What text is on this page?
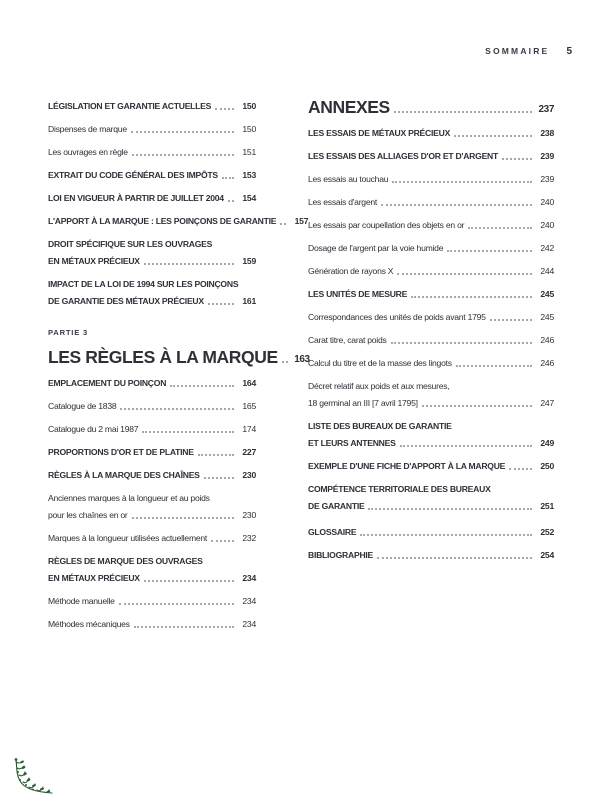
SOMMAIRE 5
LÉGISLATION ET GARANTIE ACTUELLES	150
Dispenses de marque	150
Les ouvrages en règle	151
EXTRAIT DU CODE GÉNÉRAL DES IMPÔTS	153
LOI EN VIGUEUR À PARTIR DE JUILLET 2004	154
L'APPORT À LA MARQUE : LES POINÇONS DE GARANTIE	157
DROIT SPÉCIFIQUE SUR LES OUVRAGES
EN MÉTAUX PRÉCIEUX	159
IMPACT DE LA LOI DE 1994 SUR LES POINÇONS
DE GARANTIE DES MÉTAUX PRÉCIEUX	161
PARTIE 3
LES RÈGLES À LA MARQUE 163
EMPLACEMENT DU POINÇON	164
Catalogue de 1838	165
Catalogue du 2 mai 1987	174
PROPORTIONS D'OR ET DE PLATINE	227
RÈGLES À LA MARQUE DES CHAÎNES	230
Anciennes marques à la longueur et au poids
pour les chaînes en or	230
Marques à la longueur utilisées actuellement	232
RÈGLES DE MARQUE DES OUVRAGES
EN MÉTAUX PRÉCIEUX	234
Méthode manuelle	234
Méthodes mécaniques	234
ANNEXES	237
LES ESSAIS DE MÉTAUX PRÉCIEUX	238
LES ESSAIS DES ALLIAGES D'OR ET D'ARGENT	239
Les essais au touchau	239
Les essais d'argent	240
Les essais par coupellation des objets en or	240
Dosage de l'argent par la voie humide	242
Génération de rayons X	244
LES UNITÉS DE MESURE	245
Correspondances des unités de poids avant 1795	245
Carat titre, carat poids	246
Calcul du titre et de la masse des lingots	246
Décret relatif aux poids et aux mesures,
18 germinal an III [7 avril 1795]	247
LISTE DES BUREAUX DE GARANTIE
ET LEURS ANTENNES	249
EXEMPLE D'UNE FICHE D'APPORT À LA MARQUE	250
COMPÉTENCE TERRITORIALE DES BUREAUX
DE GARANTIE	251
GLOSSAIRE	252
BIBLIOGRAPHIE	254
